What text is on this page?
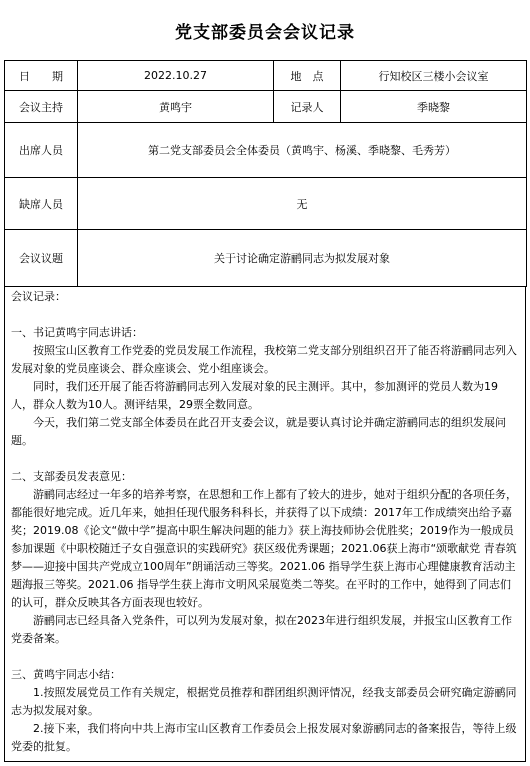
党支部委员会会议记录
日　　期	2022.10.27	地　点	行知校区三楼小会议室
会议主持	黄鸣宇	记录人	季晓黎
出席人员	第二党支部委员会全体委员（黄鸣宇、杨溪、季晓黎、毛秀芳）		
缺席人员	无		
会议议题	关于讨论确定游鹂同志为拟发展对象		

会议记录：

一、书记黄鸣宇同志讲话：

按照宝山区教育工作党委的党员发展工作流程，我校第二党支部分别组织召开了能否将游鹂同志列入发展对象的党员座谈会、群众座谈会、党小组座谈会。

同时，我们还开展了能否将游鹂同志列入发展对象的民主测评。其中，参加测评的党员人数为19人，群众人数为10人。测评结果，29票全数同意。

今天，我们第二党支部全体委员在此召开支委会议，就是要认真讨论并确定游鹂同志的组织发展问题。

二、支部委员发表意见：

游鹂同志经过一年多的培养考察，在思想和工作上都有了较大的进步，她对于组织分配的各项任务，都能很好地完成。近几年来，她担任现代服务科科长，并获得了以下成绩：2017年工作成绩突出给予嘉奖；2019.08《论文“做中学”提高中职生解决问题的能力》获上海技师协会优胜奖；2019作为一般成员参加课题《中职校随迁子女自强意识的实践研究》获区级优秀课题；2021.06获上海市“颂歌献党 青春筑梦——迎接中国共产党成立100周年”朗诵活动三等奖。2021.06 指导学生获上海市心理健康教育活动主题海报三等奖。2021.06 指导学生获上海市文明风采展览类二等奖。在平时的工作中，她得到了同志们的认可，群众反映其各方面表现也较好。

游鹂同志已经具备入党条件，可以列为发展对象，拟在2023年进行组织发展，并报宝山区教育工作党委备案。

三、黄鸣宇同志小结：

1.按照发展党员工作有关规定，根据党员推荐和群团组织测评情况，经我支部委员会研究确定游鹂同志为拟发展对象。

2.接下来，我们将向中共上海市宝山区教育工作委员会上报发展对象游鹂同志的备案报告，等待上级党委的批复。
